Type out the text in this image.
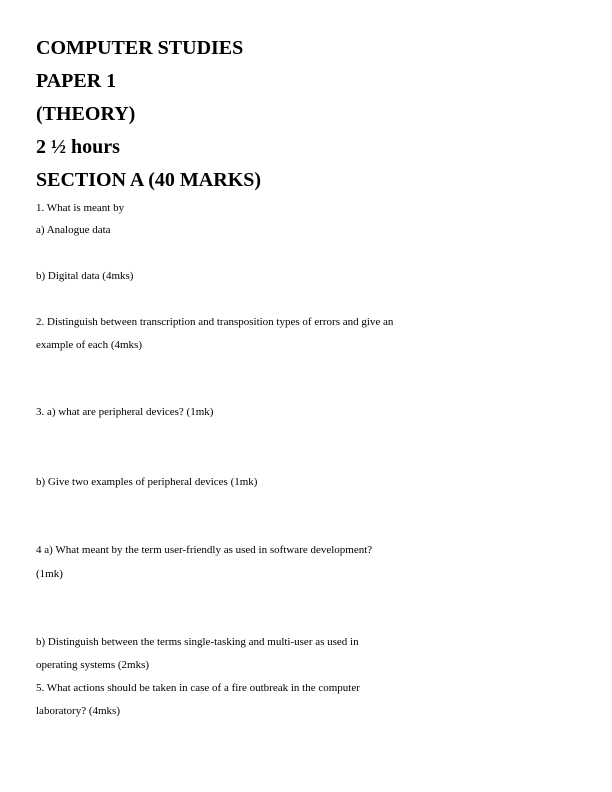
COMPUTER STUDIES
PAPER 1
(THEORY)
2 ½ hours
SECTION A (40 MARKS)

1. What is meant by

a) Analogue data

b) Digital data (4mks)

2. Distinguish between transcription and transposition types of errors and give an

example of each (4mks)

3. a) what are peripheral devices? (1mk)

b) Give two examples of peripheral devices (1mk)

4 a) What meant by the term user-friendly as used in software development?

(1mk)

b) Distinguish between the terms single-tasking and multi-user as used in

operating systems (2mks)

5. What actions should be taken in case of a fire outbreak in the computer

laboratory? (4mks)
